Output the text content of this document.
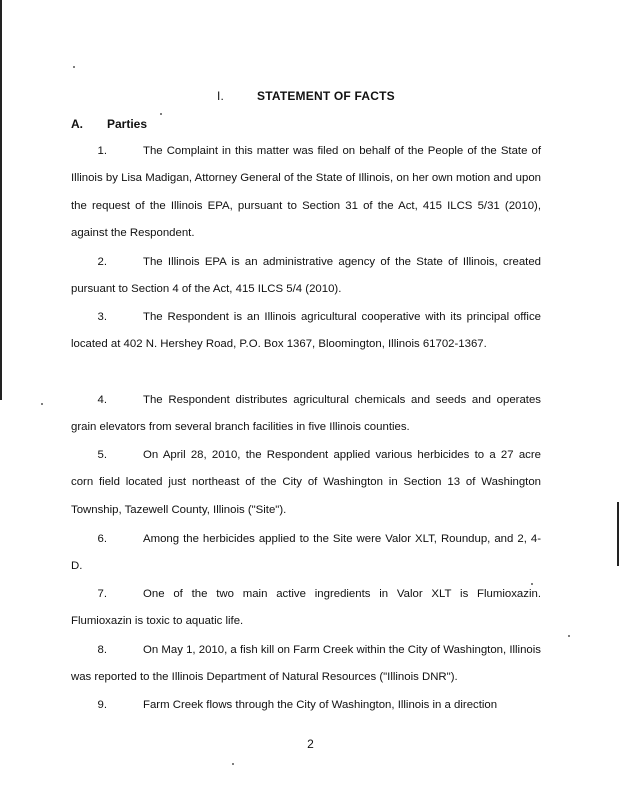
I.	STATEMENT OF FACTS
A. Parties
1.	The Complaint in this matter was filed on behalf of the People of the State of Illinois by Lisa Madigan, Attorney General of the State of Illinois, on her own motion and upon the request of the Illinois EPA, pursuant to Section 31 of the Act, 415 ILCS 5/31 (2010), against the Respondent.
2.	The Illinois EPA is an administrative agency of the State of Illinois, created pursuant to Section 4 of the Act, 415 ILCS 5/4 (2010).
3.	The Respondent is an Illinois agricultural cooperative with its principal office located at 402 N. Hershey Road, P.O. Box 1367, Bloomington, Illinois 61702-1367.
4.	The Respondent distributes agricultural chemicals and seeds and operates grain elevators from several branch facilities in five Illinois counties.
5.	On April 28, 2010, the Respondent applied various herbicides to a 27 acre corn field located just northeast of the City of Washington in Section 13 of Washington Township, Tazewell County, Illinois ("Site").
6.	Among the herbicides applied to the Site were Valor XLT, Roundup, and 2, 4-D.
7.	One of the two main active ingredients in Valor XLT is Flumioxazin. Flumioxazin is toxic to aquatic life.
8.	On May 1, 2010, a fish kill on Farm Creek within the City of Washington, Illinois was reported to the Illinois Department of Natural Resources ("Illinois DNR").
9.	Farm Creek flows through the City of Washington, Illinois in a direction
2
